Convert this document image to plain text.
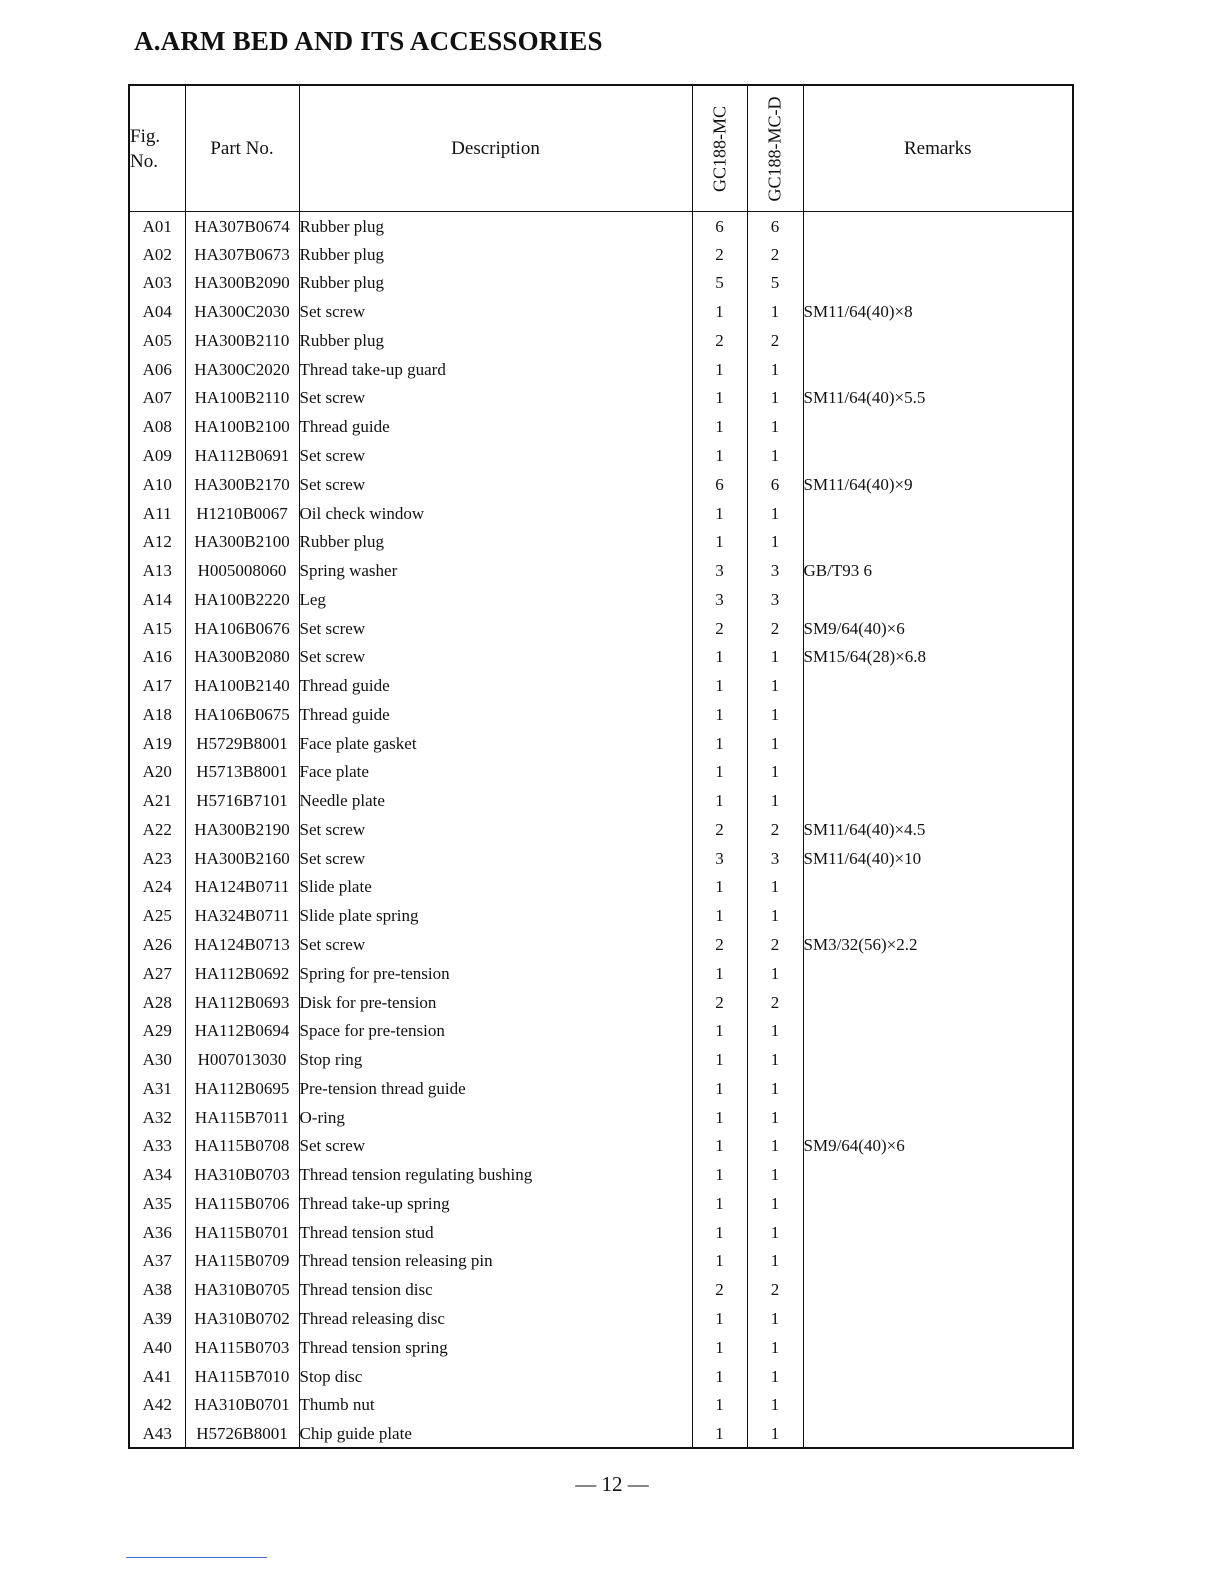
A.ARM BED AND ITS ACCESSORIES
Fig.
No.	Part No.	Description	GC188-MC	GC188-MC-D	Remarks
A01	HA307B0674	Rubber plug	6	6	
A02	HA307B0673	Rubber plug	2	2	
A03	HA300B2090	Rubber plug	5	5	
A04	HA300C2030	Set screw	1	1	SM11/64(40)×8
A05	HA300B2110	Rubber plug	2	2	
A06	HA300C2020	Thread take-up guard	1	1	
A07	HA100B2110	Set screw	1	1	SM11/64(40)×5.5
A08	HA100B2100	Thread guide	1	1	
A09	HA112B0691	Set screw	1	1	
A10	HA300B2170	Set screw	6	6	SM11/64(40)×9
A11	H1210B0067	Oil check window	1	1	
A12	HA300B2100	Rubber plug	1	1	
A13	H005008060	Spring washer	3	3	GB/T93 6
A14	HA100B2220	Leg	3	3	
A15	HA106B0676	Set screw	2	2	SM9/64(40)×6
A16	HA300B2080	Set screw	1	1	SM15/64(28)×6.8
A17	HA100B2140	Thread guide	1	1	
A18	HA106B0675	Thread guide	1	1	
A19	H5729B8001	Face plate gasket	1	1	
A20	H5713B8001	Face plate	1	1	
A21	H5716B7101	Needle plate	1	1	
A22	HA300B2190	Set screw	2	2	SM11/64(40)×4.5
A23	HA300B2160	Set screw	3	3	SM11/64(40)×10
A24	HA124B0711	Slide plate	1	1	
A25	HA324B0711	Slide plate spring	1	1	
A26	HA124B0713	Set screw	2	2	SM3/32(56)×2.2
A27	HA112B0692	Spring for pre-tension	1	1	
A28	HA112B0693	Disk for pre-tension	2	2	
A29	HA112B0694	Space for pre-tension	1	1	
A30	H007013030	Stop ring	1	1	
A31	HA112B0695	Pre-tension thread guide	1	1	
A32	HA115B7011	O-ring	1	1	
A33	HA115B0708	Set screw	1	1	SM9/64(40)×6
A34	HA310B0703	Thread tension regulating bushing	1	1	
A35	HA115B0706	Thread take-up spring	1	1	
A36	HA115B0701	Thread tension stud	1	1	
A37	HA115B0709	Thread tension releasing pin	1	1	
A38	HA310B0705	Thread tension disc	2	2	
A39	HA310B0702	Thread releasing disc	1	1	
A40	HA115B0703	Thread tension spring	1	1	
A41	HA115B7010	Stop disc	1	1	
A42	HA310B0701	Thumb nut	1	1	
A43	H5726B8001	Chip guide plate	1	1	
— 12 —
